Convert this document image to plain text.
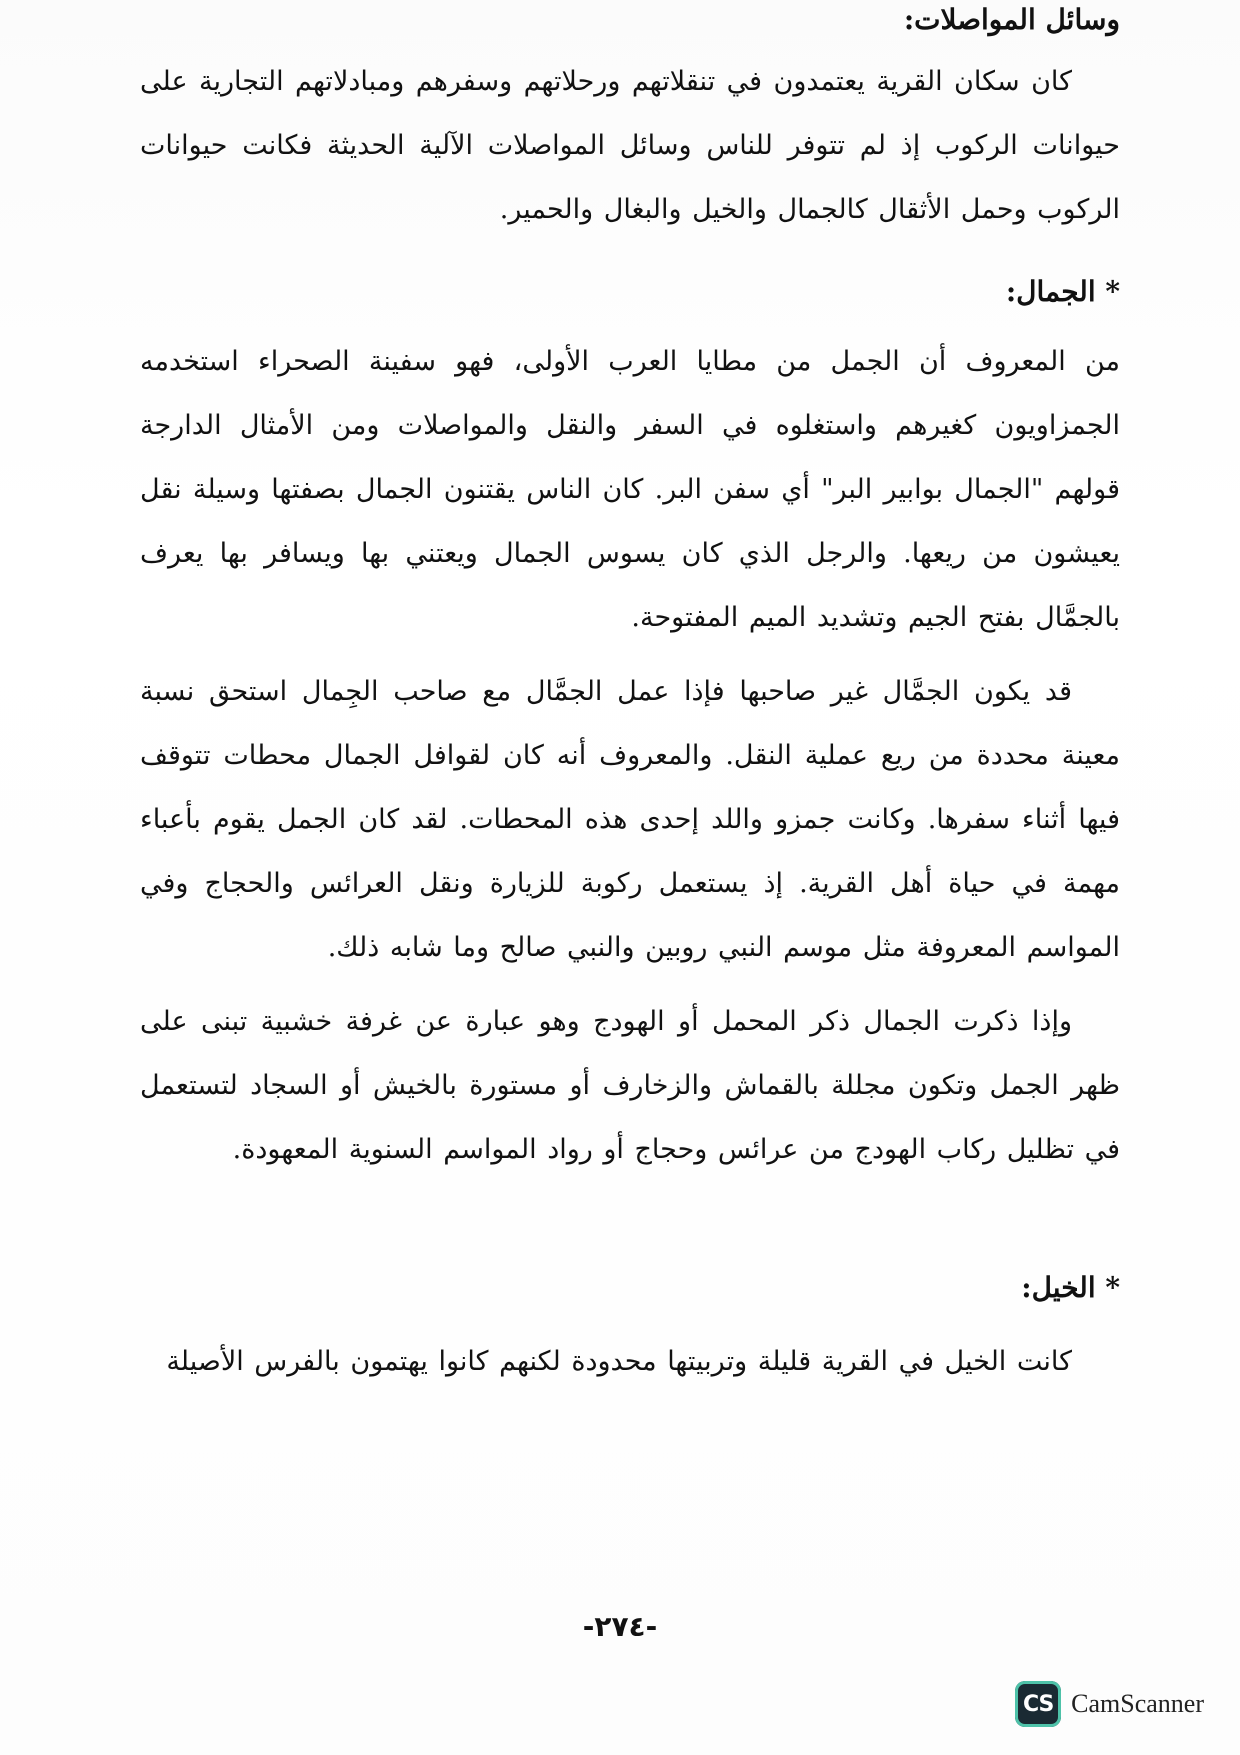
وسائل المواصلات:
كان سكان القرية يعتمدون في تنقلاتهم ورحلاتهم وسفرهم ومبادلاتهم التجارية على حيوانات الركوب إذ لم تتوفر للناس وسائل المواصلات الآلية الحديثة فكانت حيوانات الركوب وحمل الأثقال كالجمال والخيل والبغال والحمير.
* الجمال:
من المعروف أن الجمل من مطايا العرب الأولى، فهو سفينة الصحراء استخدمه الجمزاويون كغيرهم واستغلوه في السفر والنقل والمواصلات ومن الأمثال الدارجة قولهم "الجمال بوابير البر" أي سفن البر. كان الناس يقتنون الجمال بصفتها وسيلة نقل يعيشون من ريعها. والرجل الذي كان يسوس الجمال ويعتني بها ويسافر بها يعرف بالجمَّال بفتح الجيم وتشديد الميم المفتوحة.
قد يكون الجمَّال غير صاحبها فإذا عمل الجمَّال مع صاحب الجِمال استحق نسبة معينة محددة من ريع عملية النقل. والمعروف أنه كان لقوافل الجمال محطات تتوقف فيها أثناء سفرها. وكانت جمزو واللد إحدى هذه المحطات. لقد كان الجمل يقوم بأعباء مهمة في حياة أهل القرية. إذ يستعمل ركوبة للزيارة ونقل العرائس والحجاج وفي المواسم المعروفة مثل موسم النبي روبين والنبي صالح وما شابه ذلك.
وإذا ذكرت الجمال ذكر المحمل أو الهودج وهو عبارة عن غرفة خشبية تبنى على ظهر الجمل وتكون مجللة بالقماش والزخارف أو مستورة بالخيش أو السجاد لتستعمل في تظليل ركاب الهودج من عرائس وحجاج أو رواد المواسم السنوية المعهودة.
* الخيل:
كانت الخيل في القرية قليلة وتربيتها محدودة لكنهم كانوا يهتمون بالفرس الأصيلة
-٢٧٤-
CS CamScanner
